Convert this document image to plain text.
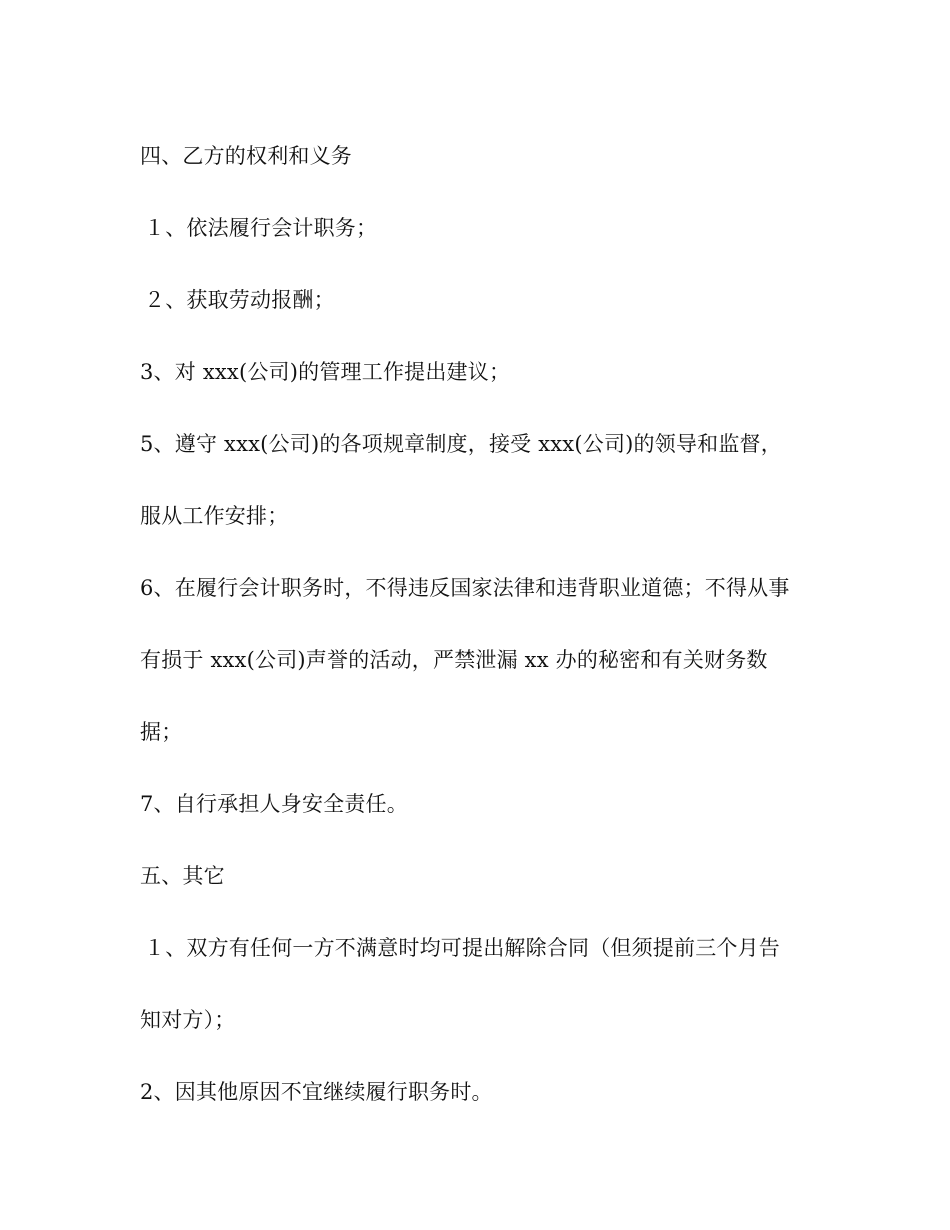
四、乙方的权利和义务
１、依法履行会计职务；
２、获取劳动报酬；
3、对 xxx(公司)的管理工作提出建议；
5、遵守 xxx(公司)的各项规章制度，接受 xxx(公司)的领导和监督，
服从工作安排；
6、在履行会计职务时，不得违反国家法律和违背职业道德；不得从事
有损于 xxx(公司)声誉的活动，严禁泄漏 xx 办的秘密和有关财务数
据；
7、自行承担人身安全责任。
五、其它
１、双方有任何一方不满意时均可提出解除合同（但须提前三个月告
知对方）；
2、因其他原因不宜继续履行职务时。
